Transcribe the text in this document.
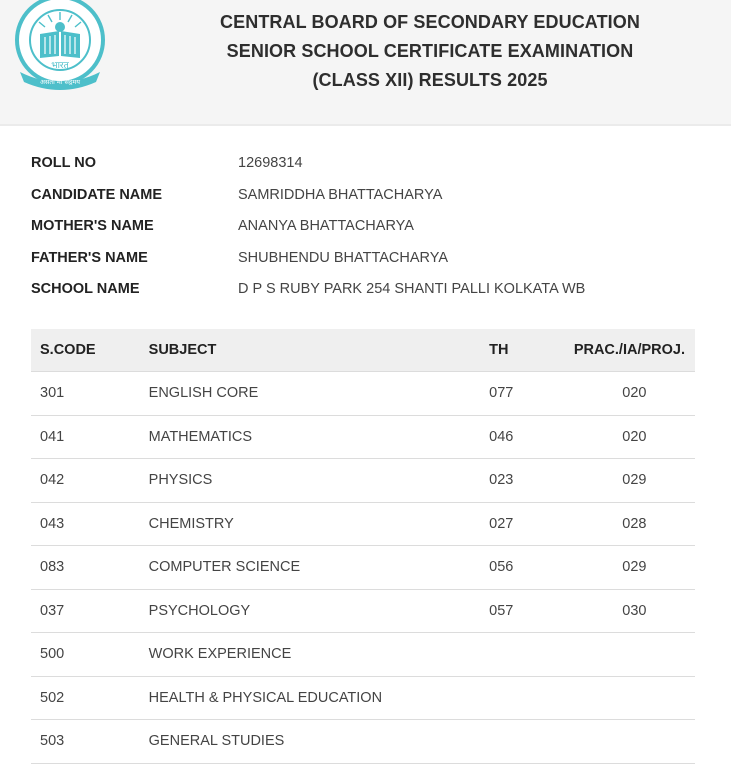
भारत
असतो मा सद्गमय
CENTRAL BOARD OF SECONDARY EDUCATION
SENIOR SCHOOL CERTIFICATE EXAMINATION
(CLASS XII) RESULTS 2025
ROLL NO	12698314
CANDIDATE NAME	SAMRIDDHA BHATTACHARYA
MOTHER'S NAME	ANANYA BHATTACHARYA
FATHER'S NAME	SHUBHENDU BHATTACHARYA
SCHOOL NAME	D P S RUBY PARK 254 SHANTI PALLI KOLKATA WB
S.CODE	SUBJECT	TH	PRAC./IA/PROJ.
301	ENGLISH CORE	077	020
041	MATHEMATICS	046	020
042	PHYSICS	023	029
043	CHEMISTRY	027	028
083	COMPUTER SCIENCE	056	029
037	PSYCHOLOGY	057	030
500	WORK EXPERIENCE		
502	HEALTH & PHYSICAL EDUCATION		
503	GENERAL STUDIES		
